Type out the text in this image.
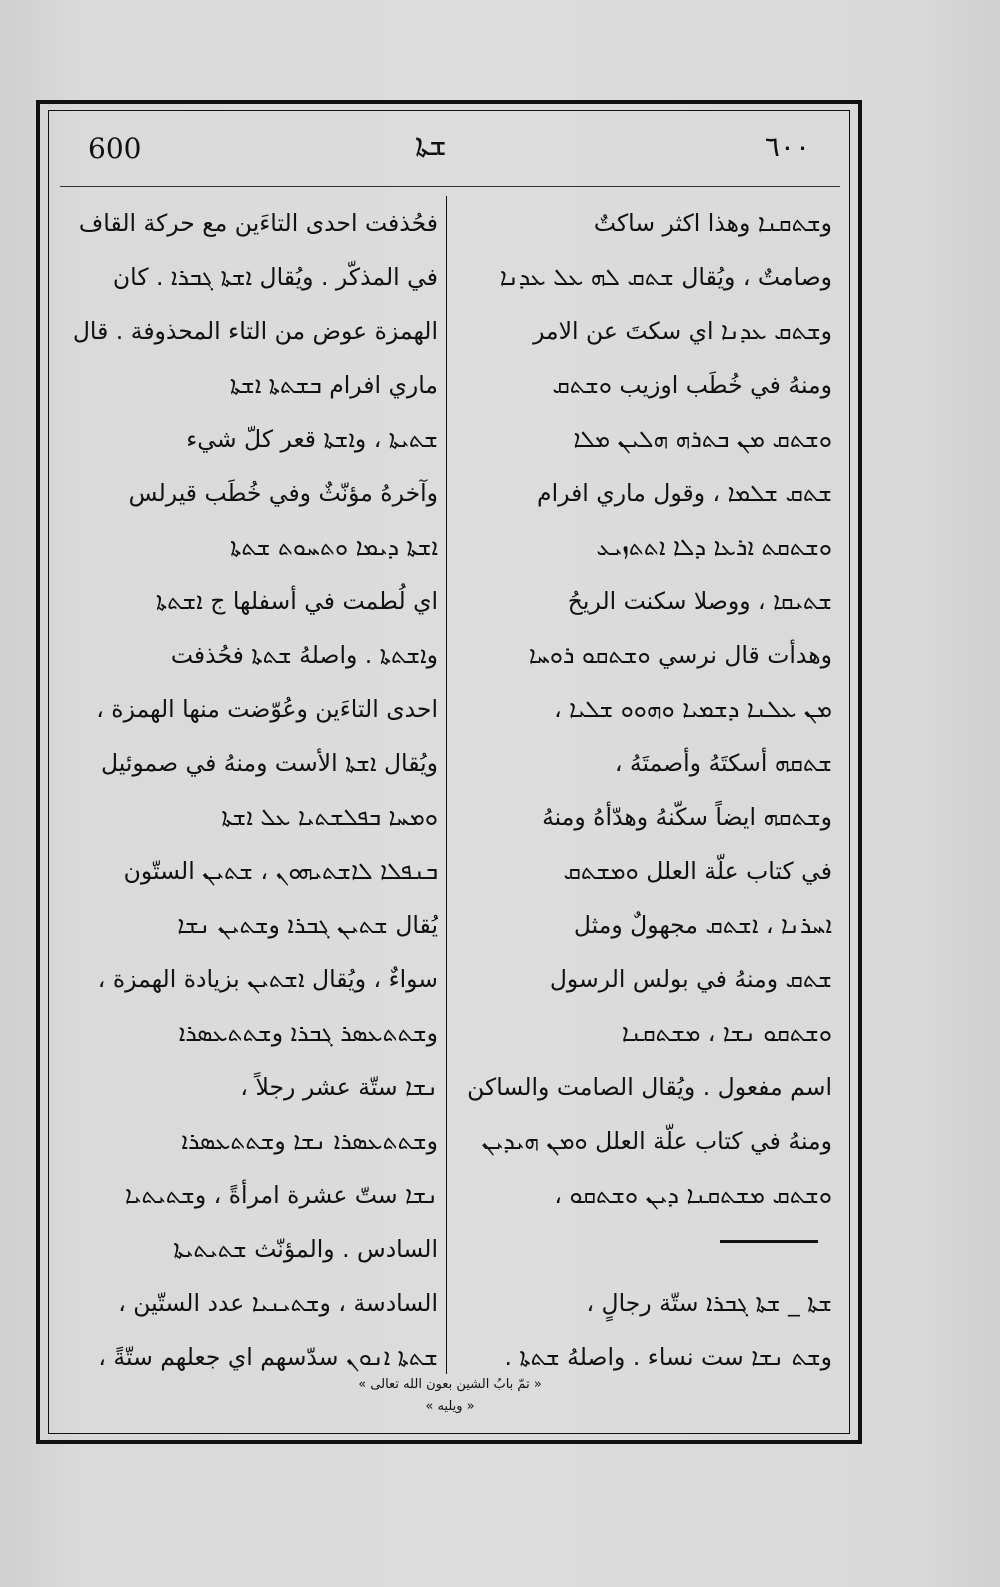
600	ܫܬܐ	٦٠٠
وܫܬܩܢܐ وهذا اكثر ساكتٌ
وصامتٌ ، ويُقال ܫܬܩ ܠܗ ܥܠ ܥܕܢܐ
وܫܬܩ ܥܕܢܐ اي سكتَ عن الامر
ومنهُ في خُطَب اوزيب ܘܫܬܩ
ܘܫܬܩ ܡܢ ܒܬܪܗ ܗܠܝܢ ܡܠܐ
ܫܬܩ ܫܠܡܐ ، وقول ماري افرام
ܘܫܬܩܬ ܐܪܥܐ ܕܠܐ ܐܬܬܙܝܥ
ܫܬܝܩܐ ، ووصلا سكنت الريحُ
وهدأت قال نرسي ܘܫܬܩܘ ܪܘܚܐ
ܡܢ ܥܠܢܐ ܕܫܡܝܐ ܘܗܘܘ ܫܠܝܐ ،
ܫܬܩܗ أسكتَهُ وأصمتَهُ ،
وܫܬܩܗ ايضاً سكّنهُ وهدّأهُ ومنهُ
في كتاب علّة العلل ܘܡܫܬܩ
ܐܚܪܢܐ ، ܐܫܬܩ مجهولٌ ومثل
ܫܬܩ ومنهُ في بولس الرسول
ܘܫܬܩܘ ܢܫܐ ، ܡܫܬܩܢܐ
اسم مفعول . ويُقال الصامت والساكن
ومنهُ في كتاب علّة العلل ܘܡܢ ܗܝܕܝܢ
ܘܫܬܩ ܡܫܬܩܢܐ ܕܝܢ ܘܫܬܩܘ ،
ܫܬܐ _ ܫܬܐ ܓܒܪܐ ستّة رجالٍ ،
وܫܬ ܢܫܐ ست نساء . واصلهُ ܫܬܬܐ .
فحُذفت احدى التاءَين مع حركة القاف
في المذكّر . ويُقال ܐܫܬܐ ܓܒܪܐ . كان
الهمزة عوض من التاء المحذوفة . قال
ماري افرام ܒܫܬܬܐ ܐܫܬܐ
ܫܬܝܬܐ ، وܐܫܬܐ قعر كلّ شيء
وآخرهُ مؤنّثٌ وفي خُطَب قيرلس
ܐܫܬܐ ܕܝܡܐ ܘܬܚܘܬ ܫܬܬܐ
اي لُطمت في أسفلها ج ܐܫܬܬܐ
وܐܫܬܬܐ . واصلهُ ܫܬܬܐ فحُذفت
احدى التاءَين وعُوّضت منها الهمزة ،
ويُقال ܐܫܬܐ الأست ومنهُ في صموئيل
ܘܡܚܐ ܒܦܠܫܬܝܐ ܥܠ ܐܫܬܐ
ܒܢܦܠܐ ܠܐܫܬܝܗܘܢ ، ܫܬܝܢ الستّون
يُقال ܫܬܝܢ ܓܒܪܐ وܫܬܝܢ ܢܫܐ
سواءٌ ، ويُقال ܐܫܬܝܢ بزيادة الهمزة ،
وܫܬܬܥܣܪ ܓܒܪܐ وܫܬܬܥܣܪܐ
ܢܫܐ ستّة عشر رجلاً ،
وܫܬܬܥܣܪܐ ܢܫܐ وܫܬܬܥܣܪܐ
ܢܫܐ ستّ عشرة امرأةً ، وܫܬܝܬܝܐ
السادس . والمؤنّث ܫܬܝܬܝܬܐ
السادسة ، وܫܬܝܢܝܐ عدد الستّين ،
ܫܬܬܐ ܐܢܘܢ سدّسهم اي جعلهم ستّةً ،
« تمّ بابُ الشين بعون الله تعالى »
« ويليه »
